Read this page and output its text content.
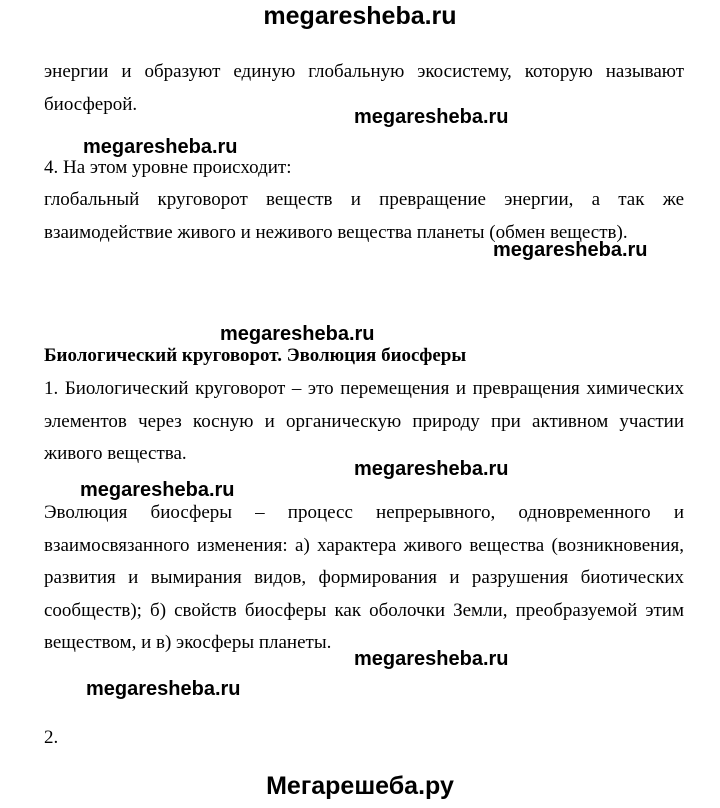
megaresheba.ru
энергии и образуют единую глобальную экосистему, которую называют биосферой.
megaresheba.ru
megaresheba.ru
4. На этом уровне происходит:
глобальный круговорот веществ и превращение энергии, а так же взаимодействие живого и неживого вещества планеты (обмен веществ).
megaresheba.ru
megaresheba.ru
Биологический круговорот. Эволюция биосферы
1. Биологический круговорот – это перемещения и превращения химических элементов через косную и органическую природу при активном участии живого вещества.
megaresheba.ru
megaresheba.ru
Эволюция биосферы – процесс непрерывного, одновременного и взаимосвязанного изменения: а) характера живого вещества (возникновения, развития и вымирания видов, формирования и разрушения биотических сообществ); б) свойств биосферы как оболочки Земли, преобразуемой этим веществом, и в) экосферы планеты.
megaresheba.ru
megaresheba.ru
2.
Мегарешеба.ру
